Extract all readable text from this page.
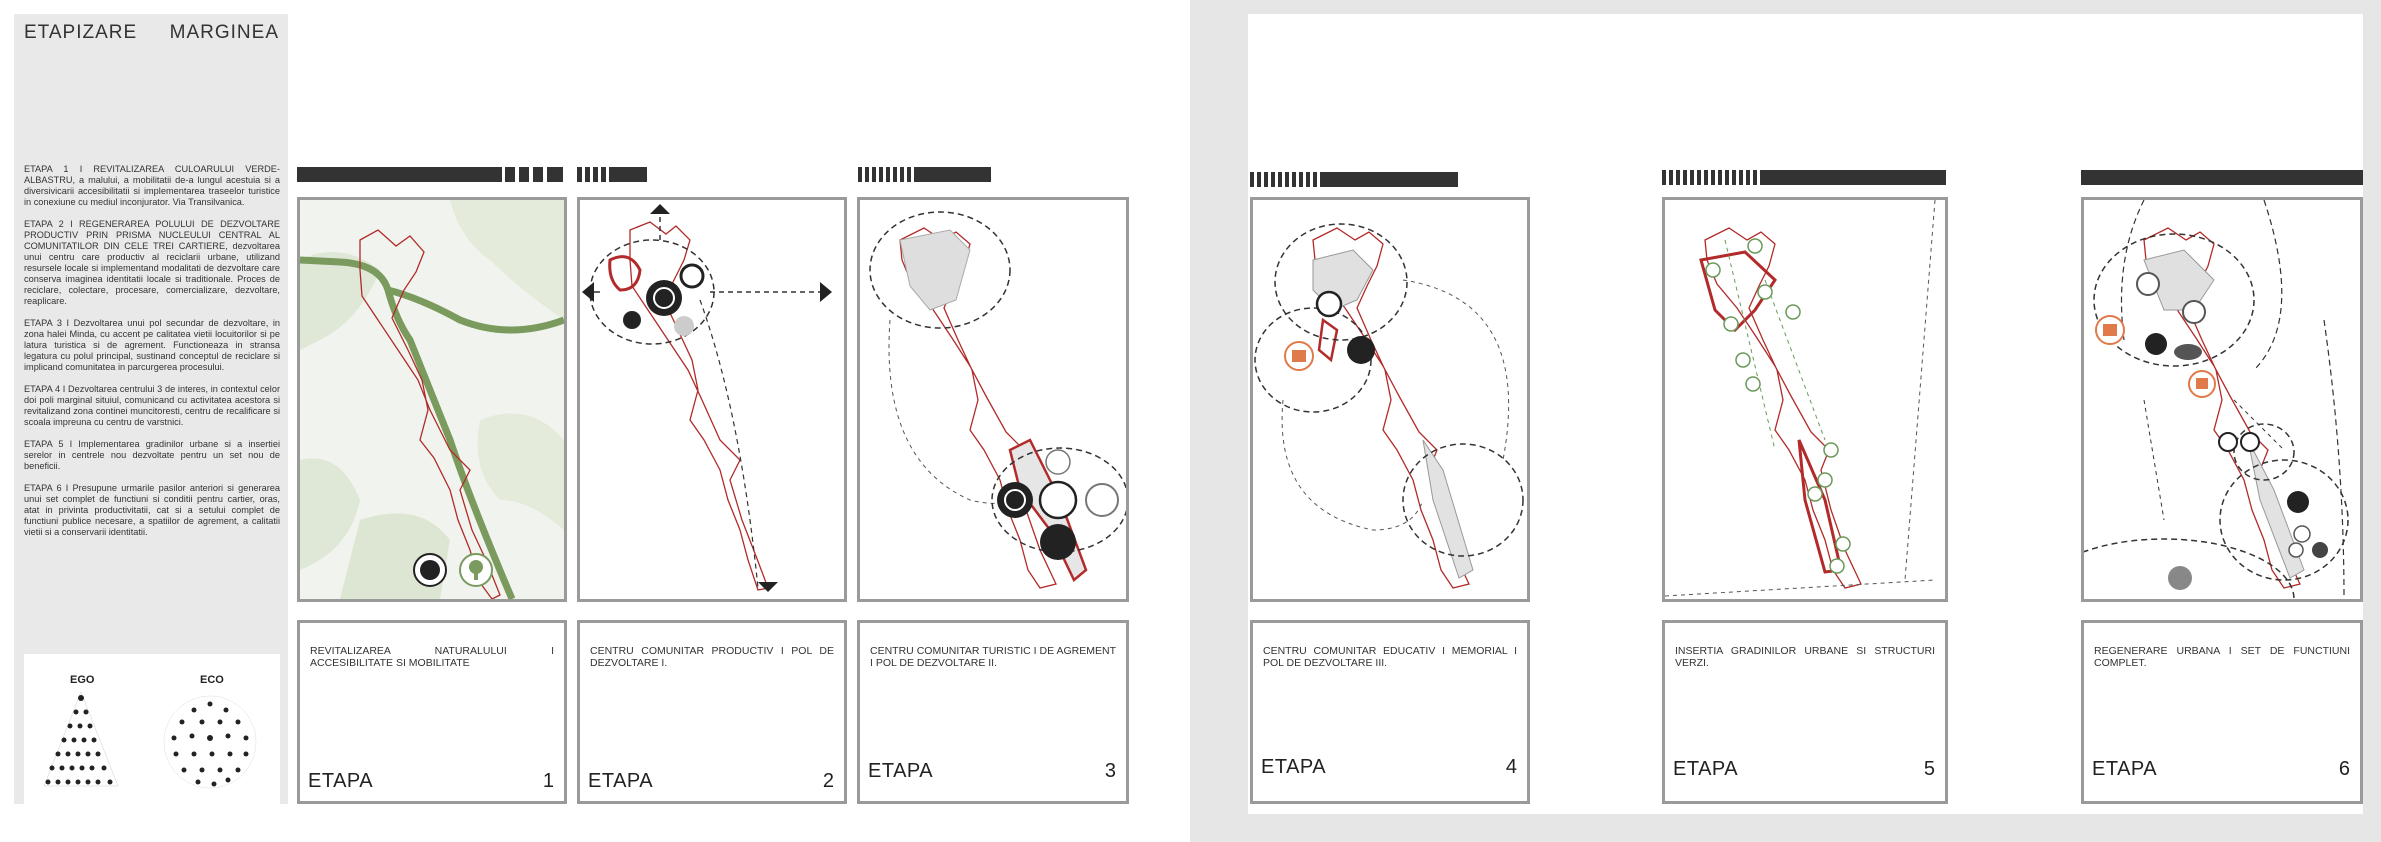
ETAPIZARE MARGINEA

ETAPA 1 I REVITALIZAREA CULOARULUI VERDE-ALBASTRU, a malului, a mobilitatii de-a lungul acestuia si a diversivicarii accesibilitatii si implementarea traseelor turistice in conexiune cu mediul inconjurator. Via Transilvanica.

ETAPA 2 I REGENERAREA POLULUI DE DEZVOLTARE PRODUCTIV PRIN PRISMA NUCLEULUI CENTRAL AL COMUNITATILOR DIN CELE TREI CARTIERE, dezvoltarea unui centru care productiv al reciclarii urbane, utilizand resursele locale si implementand modalitati de dezvoltare care conserva imaginea identitatii locale si traditionale. Proces de reciclare, colectare, procesare, comercializare, dezvoltare, reaplicare.

ETAPA 3 I Dezvoltarea unui pol secundar de dezvoltare, in zona halei Minda, cu accent pe calitatea vietii locuitorilor si pe latura turistica si de agrement. Functioneaza in stransa legatura cu polul principal, sustinand conceptul de reciclare si implicand comunitatea in parcurgerea procesului.

ETAPA 4 I Dezvoltarea centrului 3 de interes, in contextul celor doi poli marginal situiul, comunicand cu activitatea acestora si revitalizand zona continei muncitoresti, centru de recalificare si scoala impreuna cu centru de varstnici.

ETAPA 5 I Implementarea gradinilor urbane si a insertiei serelor in centrele nou dezvoltate pentru un set nou de beneficii.

ETAPA 6 I Presupune urmarile pasilor anteriori si generarea unui set complet de functiuni si conditii pentru cartier, oras, atat in privinta productivitatii, cat si a setului complet de functiuni publice necesare, a spatiilor de agrement, a calitatii vietii si a conservarii identitatii.

EGO	ECO
REVITALIZAREA NATURALULUI I ACCESIBILITATE SI MOBILITATE
ETAPA	1
CENTRU COMUNITAR PRODUCTIV I POL DE DEZVOLTARE I.
ETAPA	2
CENTRU COMUNITAR TURISTIC I DE AGREMENT I POL DE DEZVOLTARE II.
ETAPA	3
CENTRU COMUNITAR EDUCATIV I MEMORIAL I POL DE DEZVOLTARE III.
ETAPA	4
INSERTIA GRADINILOR URBANE SI STRUCTURI VERZI.
ETAPA	5
REGENERARE URBANA I SET DE FUNCTIUNI COMPLET.
ETAPA	6
